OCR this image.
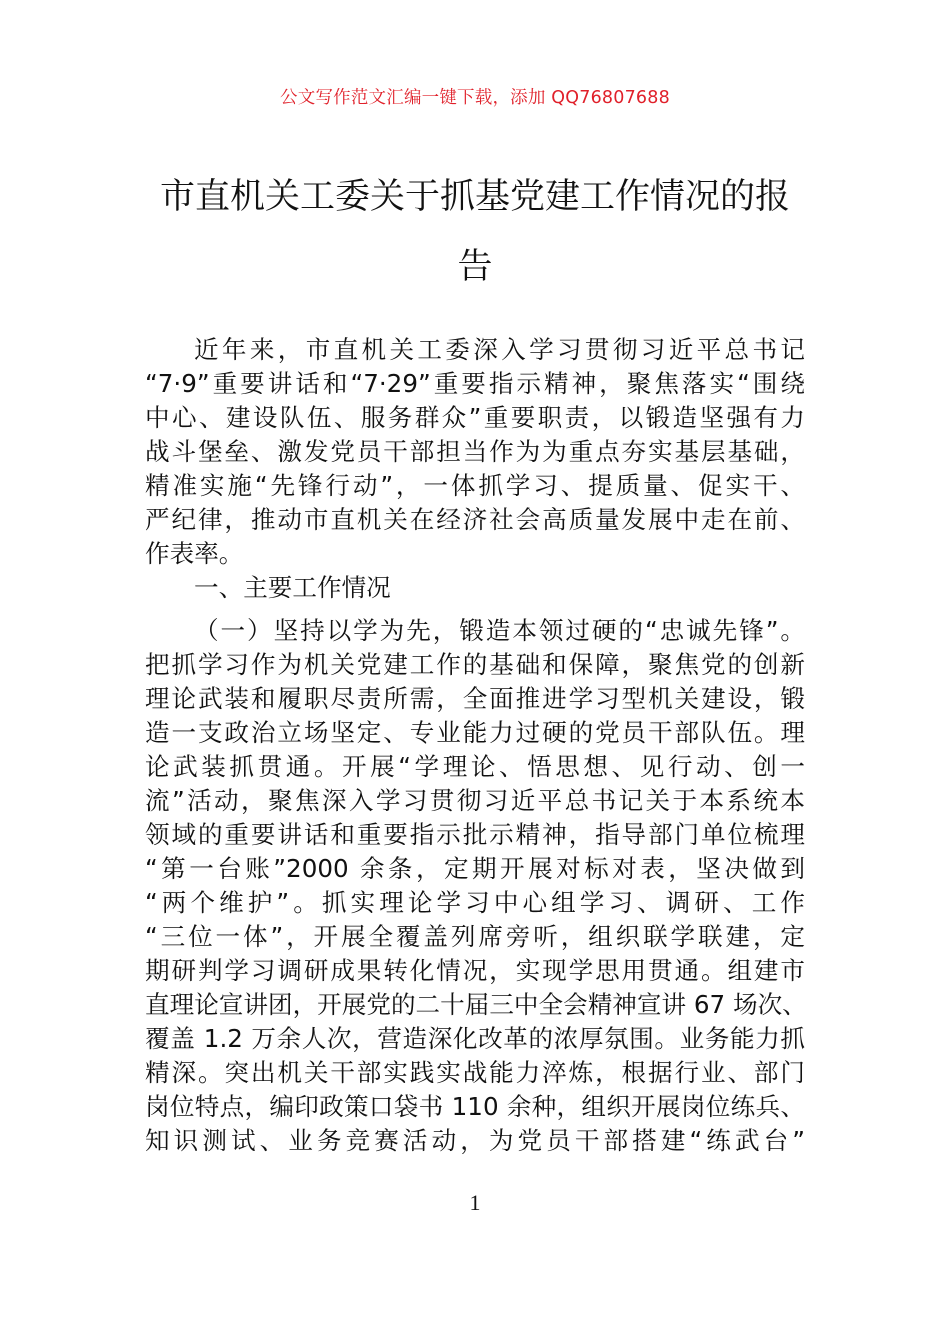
公文写作范文汇编一键下载，添加 QQ76807688
市直机关工委关于抓基党建工作情况的报
告
近年来，市直机关工委深入学习贯彻习近平总书记
“7·9”重要讲话和“7·29”重要指示精神，聚焦落实“围绕
中心、建设队伍、服务群众”重要职责，以锻造坚强有力
战斗堡垒、激发党员干部担当作为为重点夯实基层基础，
精准实施“先锋行动”，一体抓学习、提质量、促实干、
严纪律，推动市直机关在经济社会高质量发展中走在前、
作表率。
一、主要工作情况
（一）坚持以学为先，锻造本领过硬的“忠诚先锋”。
把抓学习作为机关党建工作的基础和保障，聚焦党的创新
理论武装和履职尽责所需，全面推进学习型机关建设，锻
造一支政治立场坚定、专业能力过硬的党员干部队伍。理
论武装抓贯通。开展“学理论、悟思想、见行动、创一
流”活动，聚焦深入学习贯彻习近平总书记关于本系统本
领域的重要讲话和重要指示批示精神，指导部门单位梳理
“第一台账”2000 余条，定期开展对标对表，坚决做到
“两个维护”。抓实理论学习中心组学习、调研、工作
“三位一体”，开展全覆盖列席旁听，组织联学联建，定
期研判学习调研成果转化情况，实现学思用贯通。组建市
直理论宣讲团，开展党的二十届三中全会精神宣讲 67 场次、
覆盖 1.2 万余人次，营造深化改革的浓厚氛围。业务能力抓
精深。突出机关干部实践实战能力淬炼，根据行业、部门
岗位特点，编印政策口袋书 110 余种，组织开展岗位练兵、
知识测试、业务竞赛活动，为党员干部搭建“练武台”
1
